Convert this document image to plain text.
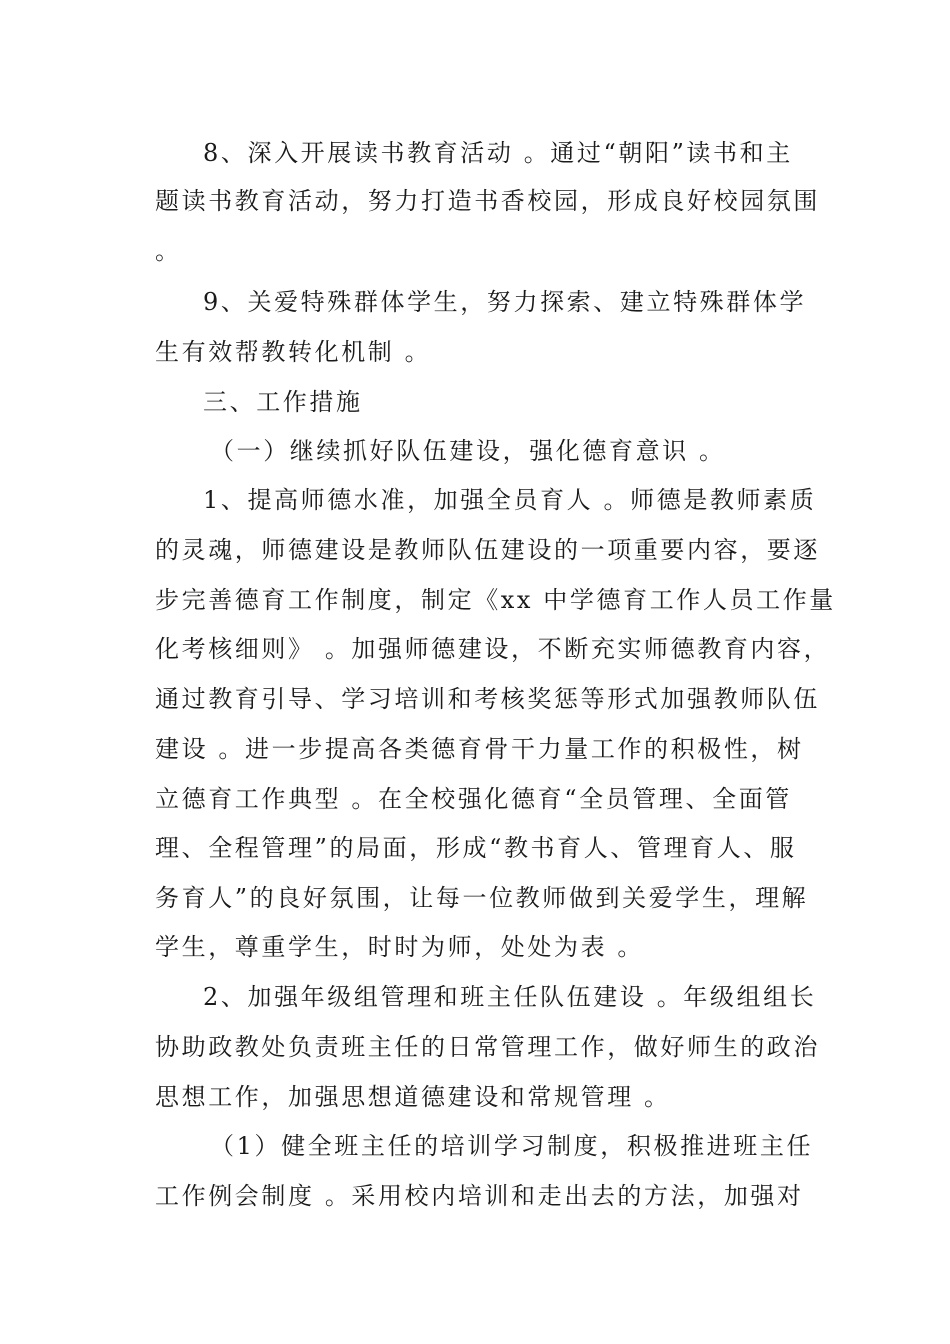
8、深入开展读书教育活动 。通过“朝阳”读书和主
题读书教育活动，努力打造书香校园，形成良好校园氛围
。
9、关爱特殊群体学生，努力探索、建立特殊群体学
生有效帮教转化机制 。
三、工作措施
（一）继续抓好队伍建设，强化德育意识 。
1、提高师德水准，加强全员育人 。师德是教师素质
的灵魂，师德建设是教师队伍建设的一项重要内容，要逐
步完善德育工作制度，制定《xx 中学德育工作人员工作量
化考核细则》 。加强师德建设，不断充实师德教育内容，
通过教育引导、学习培训和考核奖惩等形式加强教师队伍
建设 。进一步提高各类德育骨干力量工作的积极性，树
立德育工作典型 。在全校强化德育“全员管理、全面管
理、全程管理”的局面，形成“教书育人、管理育人、服
务育人”的良好氛围，让每一位教师做到关爱学生，理解
学生，尊重学生，时时为师，处处为表 。
2、加强年级组管理和班主任队伍建设 。年级组组长
协助政教处负责班主任的日常管理工作，做好师生的政治
思想工作，加强思想道德建设和常规管理 。
（1）健全班主任的培训学习制度，积极推进班主任
工作例会制度 。采用校内培训和走出去的方法，加强对
